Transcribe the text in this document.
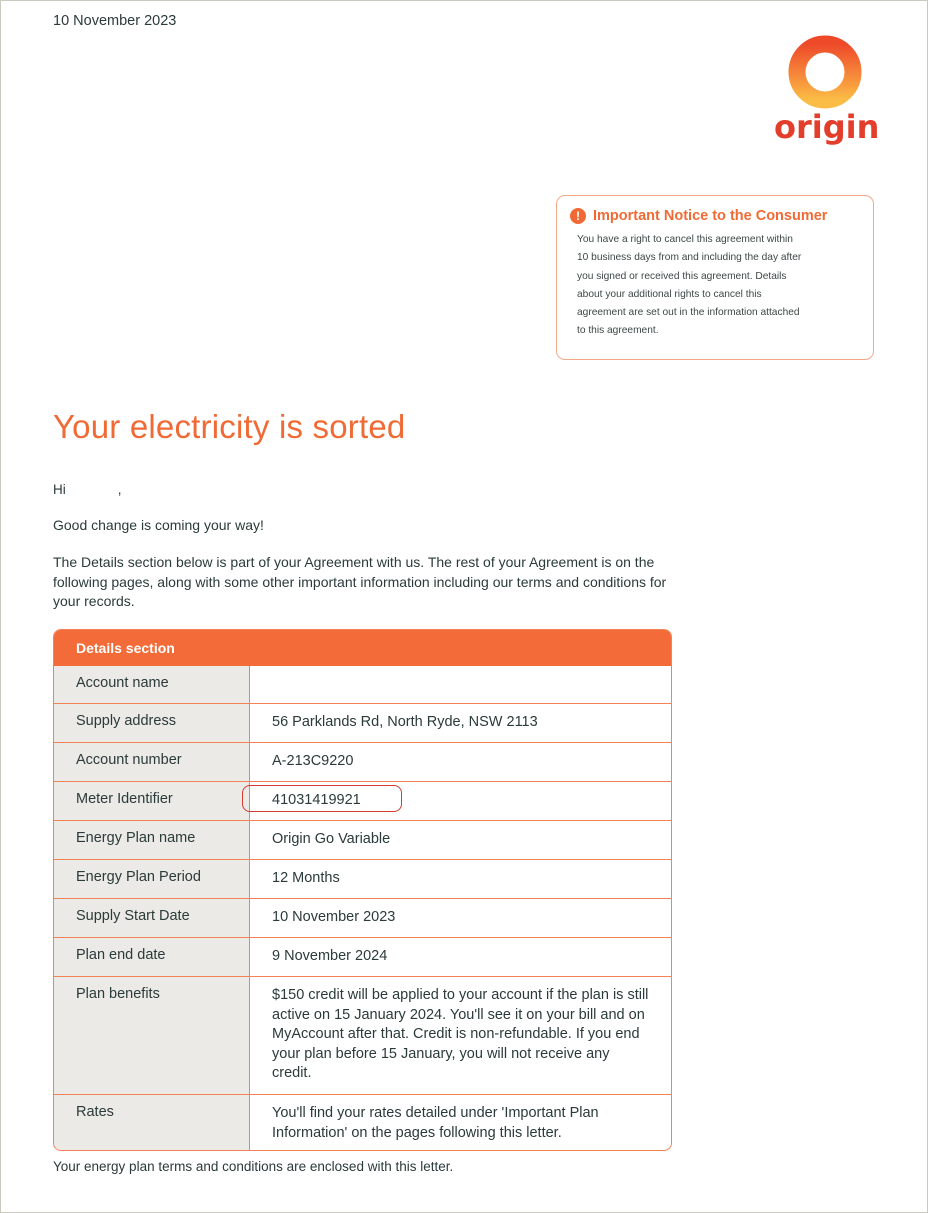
10 November 2023
origin
! Important Notice to the Consumer
You have a right to cancel this agreement within
10 business days from and including the day after
you signed or received this agreement. Details
about your additional rights to cancel this
agreement are set out in the information attached
to this agreement.
Your electricity is sorted
Hi	,
Good change is coming your way!
The Details section below is part of your Agreement with us. The rest of your Agreement is on the following pages, along with some other important information including our terms and conditions for your records.
Details section
Account name
Supply address	56 Parklands Rd, North Ryde, NSW 2113
Account number	A-213C9220
Meter Identifier	41031419921
Energy Plan name	Origin Go Variable
Energy Plan Period	12 Months
Supply Start Date	10 November 2023
Plan end date	9 November 2024
Plan benefits	$150 credit will be applied to your account if the plan is still active on 15 January 2024. You'll see it on your bill and on MyAccount after that. Credit is non-refundable. If you end your plan before 15 January, you will not receive any credit.
Rates	You'll find your rates detailed under 'Important Plan Information' on the pages following this letter.
Your energy plan terms and conditions are enclosed with this letter.
